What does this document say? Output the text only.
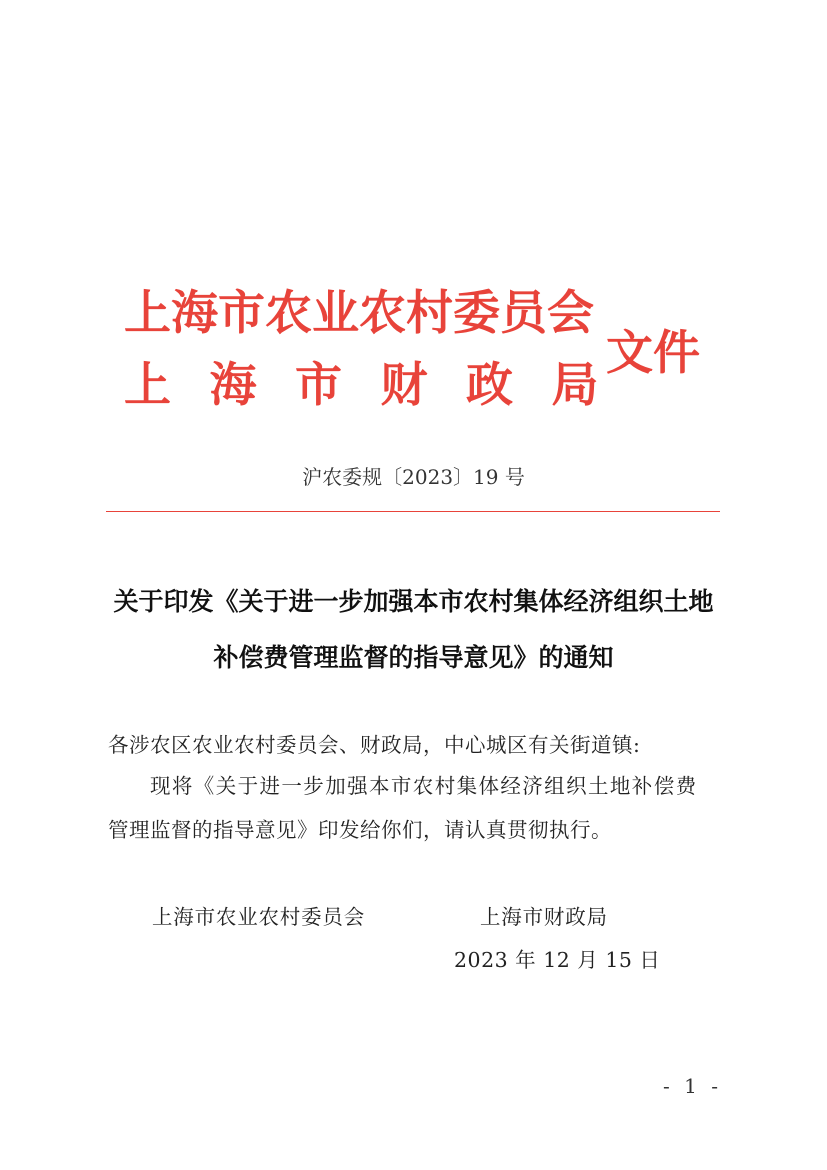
上海市农业农村委员会
上海市财政局
文件
沪农委规〔2023〕19 号
关于印发《关于进一步加强本市农村集体经济组织土地
补偿费管理监督的指导意见》的通知
各涉农区农业农村委员会、财政局，中心城区有关街道镇:
现将《关于进一步加强本市农村集体经济组织土地补偿费
管理监督的指导意见》印发给你们，请认真贯彻执行。
上海市农业农村委员会	上海市财政局
2023 年 12 月 15 日
- 1 -
